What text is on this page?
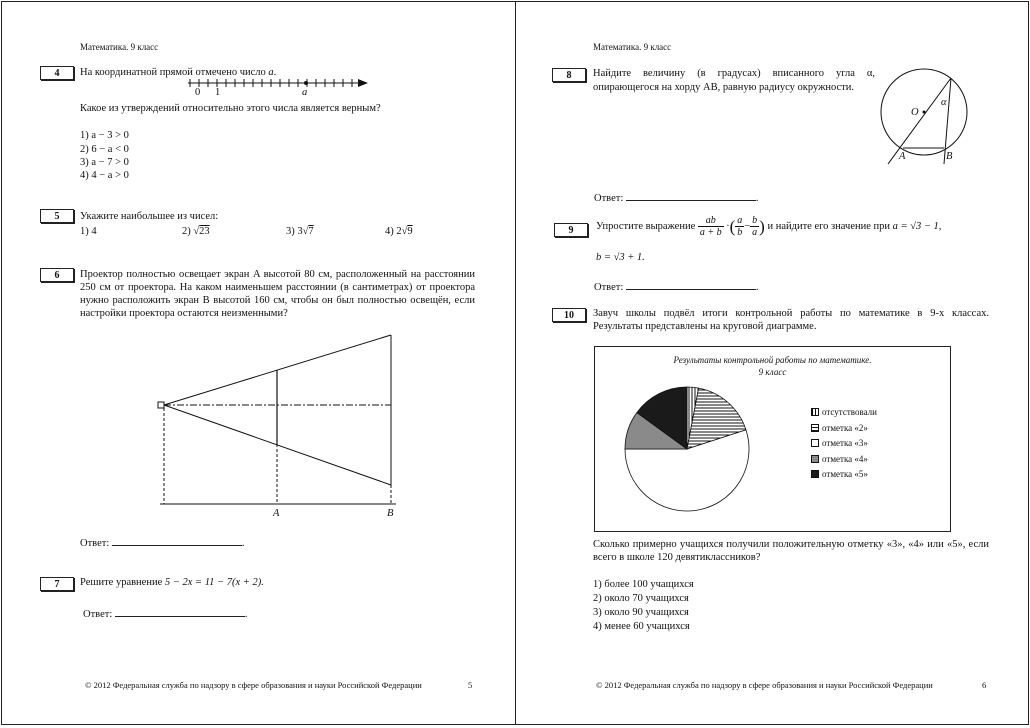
Математика. 9 класс
4	На координатной прямой отмечено число a.
0 1	a
Какое из утверждений относительно этого числа является верным?
1) a − 3 > 0
2) 6 − a < 0
3) a − 7 > 0
4) 4 − a > 0
5	Укажите наибольшее из чисел:
1) 4	2) √23	3) 3√7	4) 2√9
6	Проектор полностью освещает экран A высотой 80 см, расположенный на расстоянии 250 см от проектора. На каком наименьшем расстоянии (в сантиметрах) от проектора нужно расположить экран B высотой 160 см, чтобы он был полностью освещён, если настройки проектора остаются неизменными?
A	B
Ответ:	.
7	Решите уравнение 5 − 2x = 11 − 7(x + 2).
Ответ:	.
© 2012 Федеральная служба по надзору в сфере образования и науки Российской Федерации	5
Математика. 9 класс
8	Найдите величину (в градусах) вписанного угла α, опирающегося на хорду AB, равную радиусу окружности.
O
α
A	B
Ответ:	.
9	Упростите выражение $\frac{ab}{a + b}$ ·( $\frac{a}{b} - \frac{b}{a}$ ) и найдите его значение при a = √3 − 1,
b = √3 + 1.
Ответ:	.
10	Завуч школы подвёл итоги контрольной работы по математике в 9-х классах. Результаты представлены на круговой диаграмме.
Результаты контрольной работы по математике.
9 класс
отсутствовали
отметка «2»
отметка «3»
отметка «4»
отметка «5»
Сколько примерно учащихся получили положительную отметку «3», «4» или «5», если всего в школе 120 девятиклассников?
1) более 100 учащихся
2) около 70 учащихся
3) около 90 учащихся
4) менее 60 учащихся
© 2012 Федеральная служба по надзору в сфере образования и науки Российской Федерации	6
